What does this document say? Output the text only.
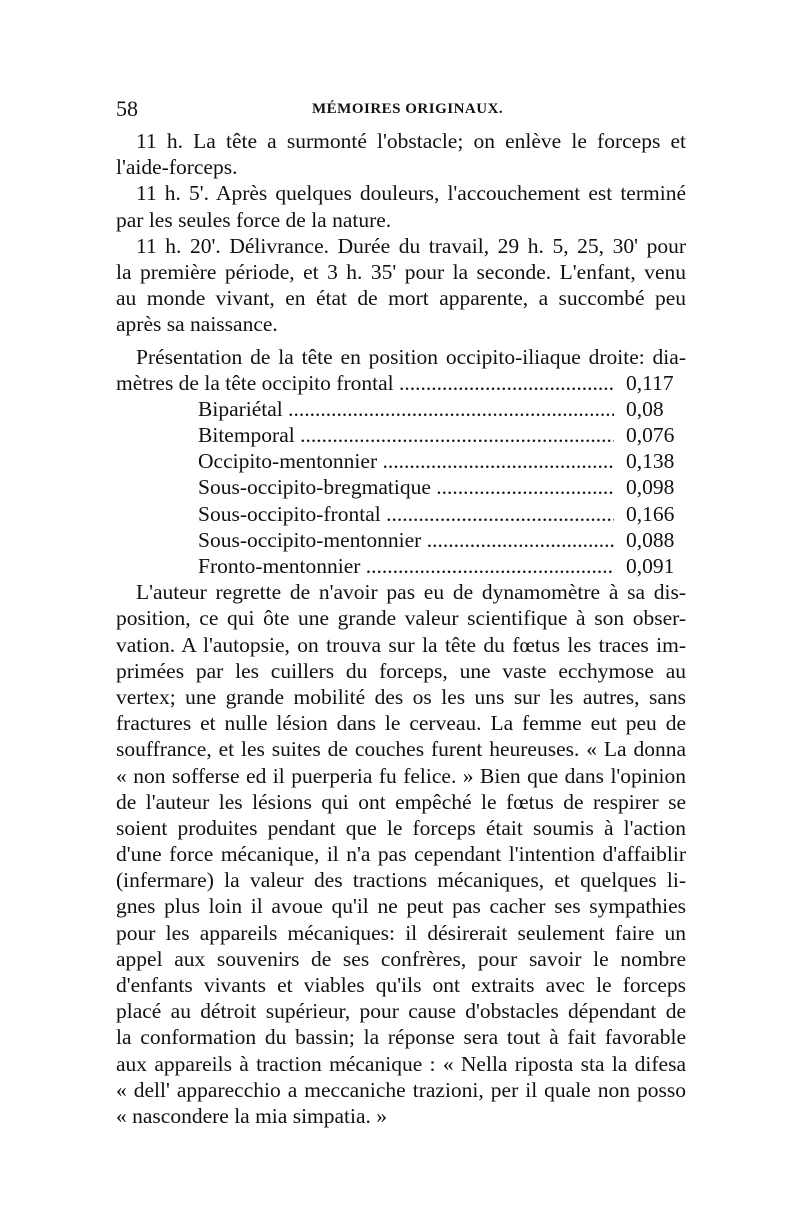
58	MÉMOIRES ORIGINAUX.
11 h. La tête a surmonté l'obstacle; on enlève le forceps et
l'aide-forceps.
11 h. 5'. Après quelques douleurs, l'accouchement est terminé
par les seules force de la nature.
11 h. 20'. Délivrance. Durée du travail, 29 h. 5, 25, 30' pour
la première période, et 3 h. 35' pour la seconde. L'enfant, venu
au monde vivant, en état de mort apparente, a succombé peu
après sa naissance.
Présentation de la tête en position occipito-iliaque droite: dia-
mètres de la tête occipito frontal .....	0,117
Bipariétal .....	0,08
Bitemporal .....	0,076
Occipito-mentonnier .....	0,138
Sous-occipito-bregmatique .....	0,098
Sous-occipito-frontal .....	0,166
Sous-occipito-mentonnier .....	0,088
Fronto-mentonnier .....	0,091
L'auteur regrette de n'avoir pas eu de dynamomètre à sa dis-
position, ce qui ôte une grande valeur scientifique à son obser-
vation. A l'autopsie, on trouva sur la tête du fœtus les traces im-
primées par les cuillers du forceps, une vaste ecchymose au
vertex; une grande mobilité des os les uns sur les autres, sans
fractures et nulle lésion dans le cerveau. La femme eut peu de
souffrance, et les suites de couches furent heureuses. « La donna
« non sofferse ed il puerperia fu felice. » Bien que dans l'opinion
de l'auteur les lésions qui ont empêché le fœtus de respirer se
soient produites pendant que le forceps était soumis à l'action
d'une force mécanique, il n'a pas cependant l'intention d'affaiblir
(infermare) la valeur des tractions mécaniques, et quelques li-
gnes plus loin il avoue qu'il ne peut pas cacher ses sympathies
pour les appareils mécaniques: il désirerait seulement faire un
appel aux souvenirs de ses confrères, pour savoir le nombre
d'enfants vivants et viables qu'ils ont extraits avec le forceps
placé au détroit supérieur, pour cause d'obstacles dépendant de
la conformation du bassin; la réponse sera tout à fait favorable
aux appareils à traction mécanique : « Nella riposta sta la difesa
« dell' apparecchio a meccaniche trazioni, per il quale non posso
« nascondere la mia simpatia. »
